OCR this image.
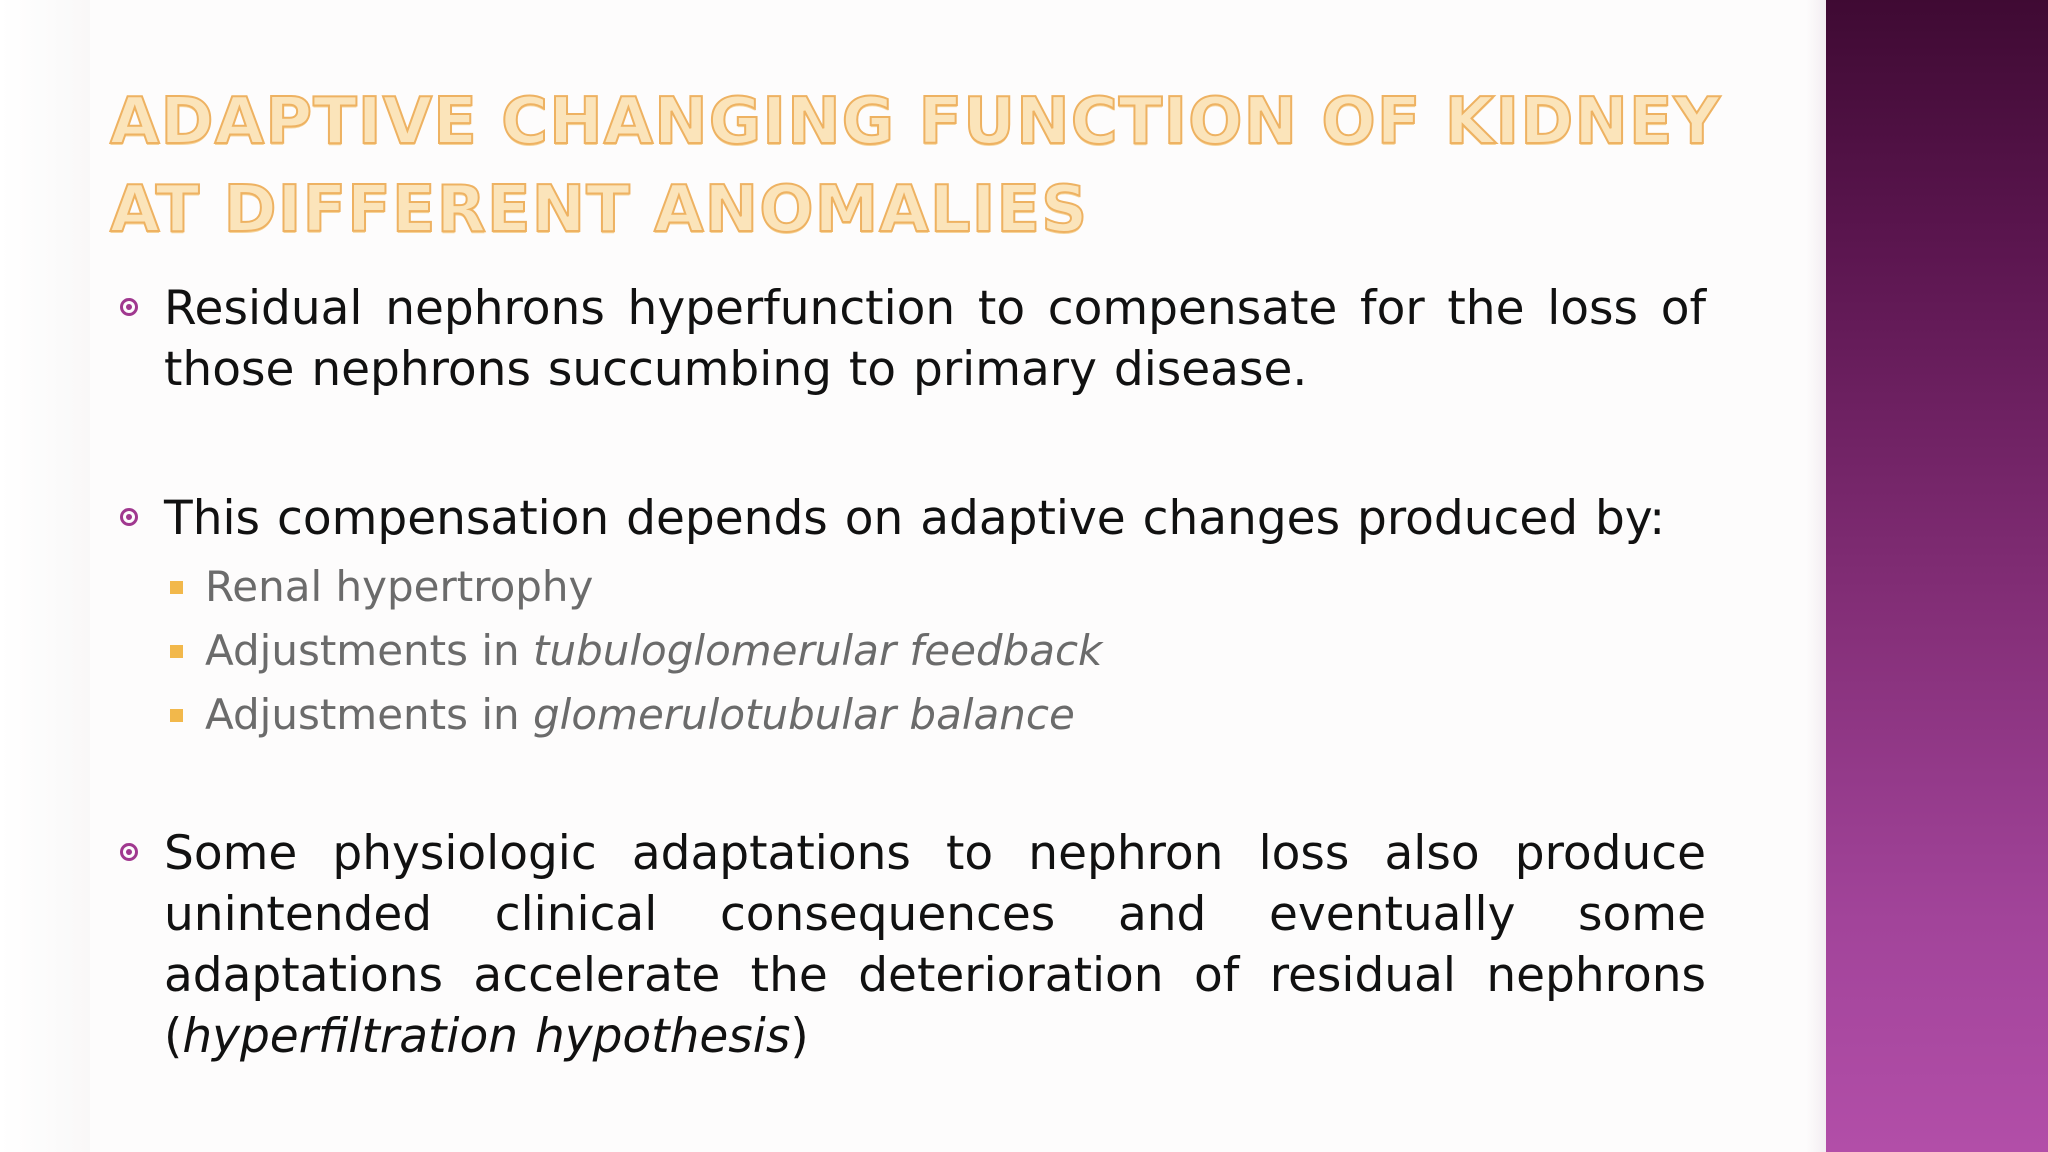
ADAPTIVE CHANGING FUNCTION OF KIDNEY AT DIFFERENT ANOMALIES
Residual nephrons hyperfunction to compensate for the loss of those nephrons succumbing to primary disease.
This compensation depends on adaptive changes produced by:
Renal hypertrophy
Adjustments in tubuloglomerular feedback
Adjustments in glomerulotubular balance
Some physiologic adaptations to nephron loss also produce unintended clinical consequences and eventually some adaptations accelerate the deterioration of residual nephrons (hyperfiltration hypothesis)
